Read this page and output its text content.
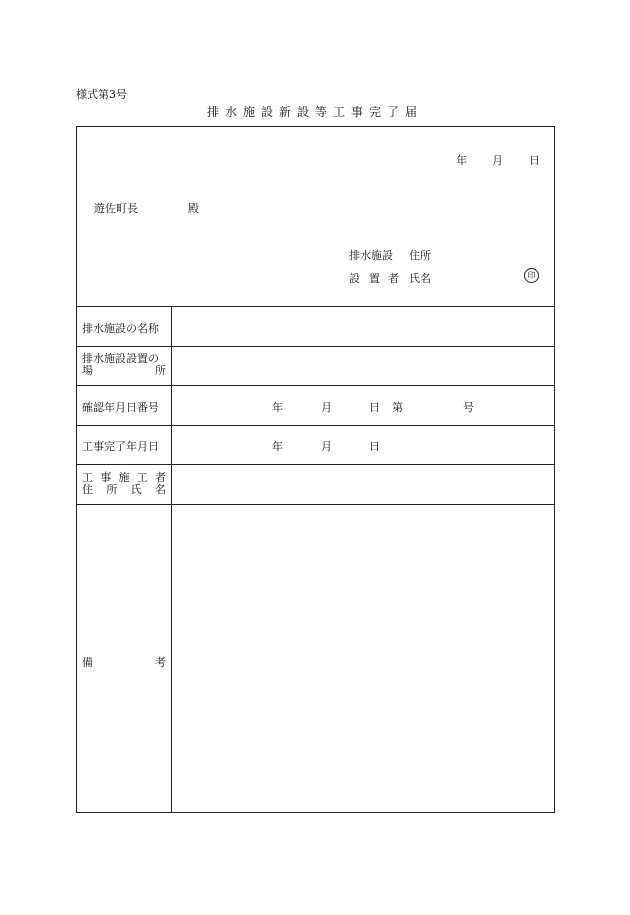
様式第3号
排水施設新設等工事完了届
年 月 日
遊佐町長	殿
排水施設 住所
設 置 者 氏名	印
排水施設の名称
排水施設設置の
場	所
確認年月日番号	年	月	日 第	号
工事完了年月日	年	月	日
工 事 施 工 者
住 所 氏 名
備	考
